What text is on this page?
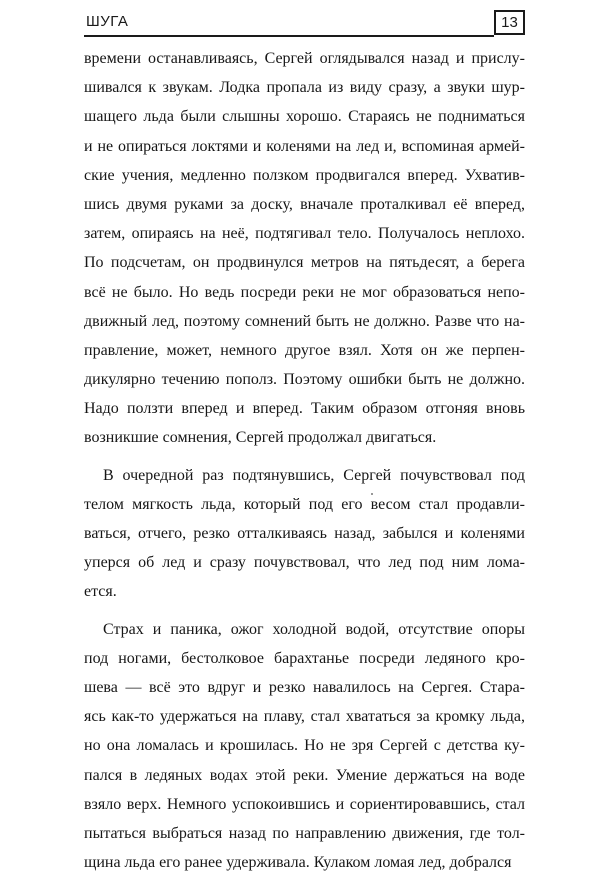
ШУГА	13
времени останавливаясь, Сергей оглядывался назад и прислу-
шивался к звукам. Лодка пропала из виду сразу, а звуки шур-
шащего льда были слышны хорошо. Стараясь не подниматься
и не опираться локтями и коленями на лед и, вспоминая армей-
ские учения, медленно ползком продвигался вперед. Ухватив-
шись двумя руками за доску, вначале проталкивал её вперед,
затем, опираясь на неё, подтягивал тело. Получалось неплохо.
По подсчетам, он продвинулся метров на пятьдесят, а берега
всё не было. Но ведь посреди реки не мог образоваться непо-
движный лед, поэтому сомнений быть не должно. Разве что на-
правление, может, немного другое взял. Хотя он же перпен-
дикулярно течению пополз. Поэтому ошибки быть не должно.
Надо ползти вперед и вперед. Таким образом отгоняя вновь
возникшие сомнения, Сергей продолжал двигаться.
В очередной раз подтянувшись, Сергей почувствовал под
телом мягкость льда, который под его весом стал продавли-
ваться, отчего, резко отталкиваясь назад, забылся и коленями
уперся об лед и сразу почувствовал, что лед под ним лома-
ется.
Страх и паника, ожог холодной водой, отсутствие опоры
под ногами, бестолковое барахтанье посреди ледяного кро-
шева — всё это вдруг и резко навалилось на Сергея. Стара-
ясь как-то удержаться на плаву, стал хвататься за кромку льда,
но она ломалась и крошилась. Но не зря Сергей с детства ку-
пался в ледяных водах этой реки. Умение держаться на воде
взяло верх. Немного успокоившись и сориентировавшись, стал
пытаться выбраться назад по направлению движения, где тол-
щина льда его ранее удерживала. Кулаком ломая лед, добрался
